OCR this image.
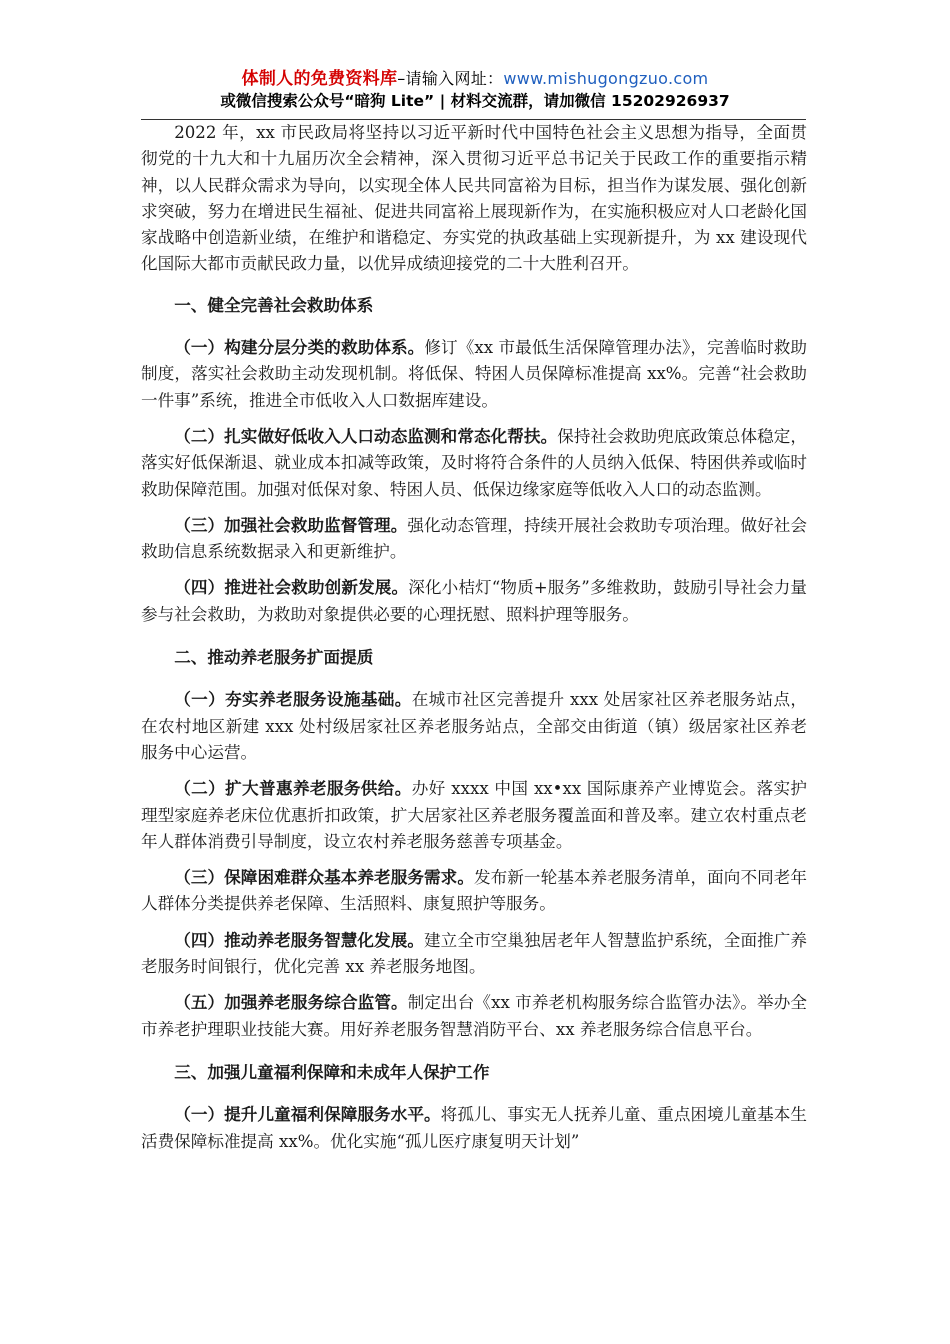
体制人的免费资料库–请输入网址：www.mishugongzuo.com
或微信搜索公众号“暗狗 Lite” | 材料交流群，请加微信 15202926937

2022 年，xx 市民政局将坚持以习近平新时代中国特色社会主义思想为指导，全面贯彻党的十九大和十九届历次全会精神，深入贯彻习近平总书记关于民政工作的重要指示精神，以人民群众需求为导向，以实现全体人民共同富裕为目标，担当作为谋发展、强化创新求突破，努力在增进民生福祉、促进共同富裕上展现新作为，在实施积极应对人口老龄化国家战略中创造新业绩，在维护和谐稳定、夯实党的执政基础上实现新提升，为 xx 建设现代化国际大都市贡献民政力量，以优异成绩迎接党的二十大胜利召开。

一、健全完善社会救助体系

（一）构建分层分类的救助体系。修订《xx 市最低生活保障管理办法》，完善临时救助制度，落实社会救助主动发现机制。将低保、特困人员保障标准提高 xx%。完善“社会救助一件事”系统，推进全市低收入人口数据库建设。

（二）扎实做好低收入人口动态监测和常态化帮扶。保持社会救助兜底政策总体稳定，落实好低保渐退、就业成本扣减等政策，及时将符合条件的人员纳入低保、特困供养或临时救助保障范围。加强对低保对象、特困人员、低保边缘家庭等低收入人口的动态监测。

（三）加强社会救助监督管理。强化动态管理，持续开展社会救助专项治理。做好社会救助信息系统数据录入和更新维护。

（四）推进社会救助创新发展。深化小桔灯“物质+服务”多维救助，鼓励引导社会力量参与社会救助，为救助对象提供必要的心理抚慰、照料护理等服务。

二、推动养老服务扩面提质

（一）夯实养老服务设施基础。在城市社区完善提升 xxx 处居家社区养老服务站点，在农村地区新建 xxx 处村级居家社区养老服务站点，全部交由街道（镇）级居家社区养老服务中心运营。

（二）扩大普惠养老服务供给。办好 xxxx 中国 xx•xx 国际康养产业博览会。落实护理型家庭养老床位优惠折扣政策，扩大居家社区养老服务覆盖面和普及率。建立农村重点老年人群体消费引导制度，设立农村养老服务慈善专项基金。

（三）保障困难群众基本养老服务需求。发布新一轮基本养老服务清单，面向不同老年人群体分类提供养老保障、生活照料、康复照护等服务。

（四）推动养老服务智慧化发展。建立全市空巢独居老年人智慧监护系统，全面推广养老服务时间银行，优化完善 xx 养老服务地图。

（五）加强养老服务综合监管。制定出台《xx 市养老机构服务综合监管办法》。举办全市养老护理职业技能大赛。用好养老服务智慧消防平台、xx 养老服务综合信息平台。

三、加强儿童福利保障和未成年人保护工作

（一）提升儿童福利保障服务水平。将孤儿、事实无人抚养儿童、重点困境儿童基本生活费保障标准提高 xx%。优化实施“孤儿医疗康复明天计划”
